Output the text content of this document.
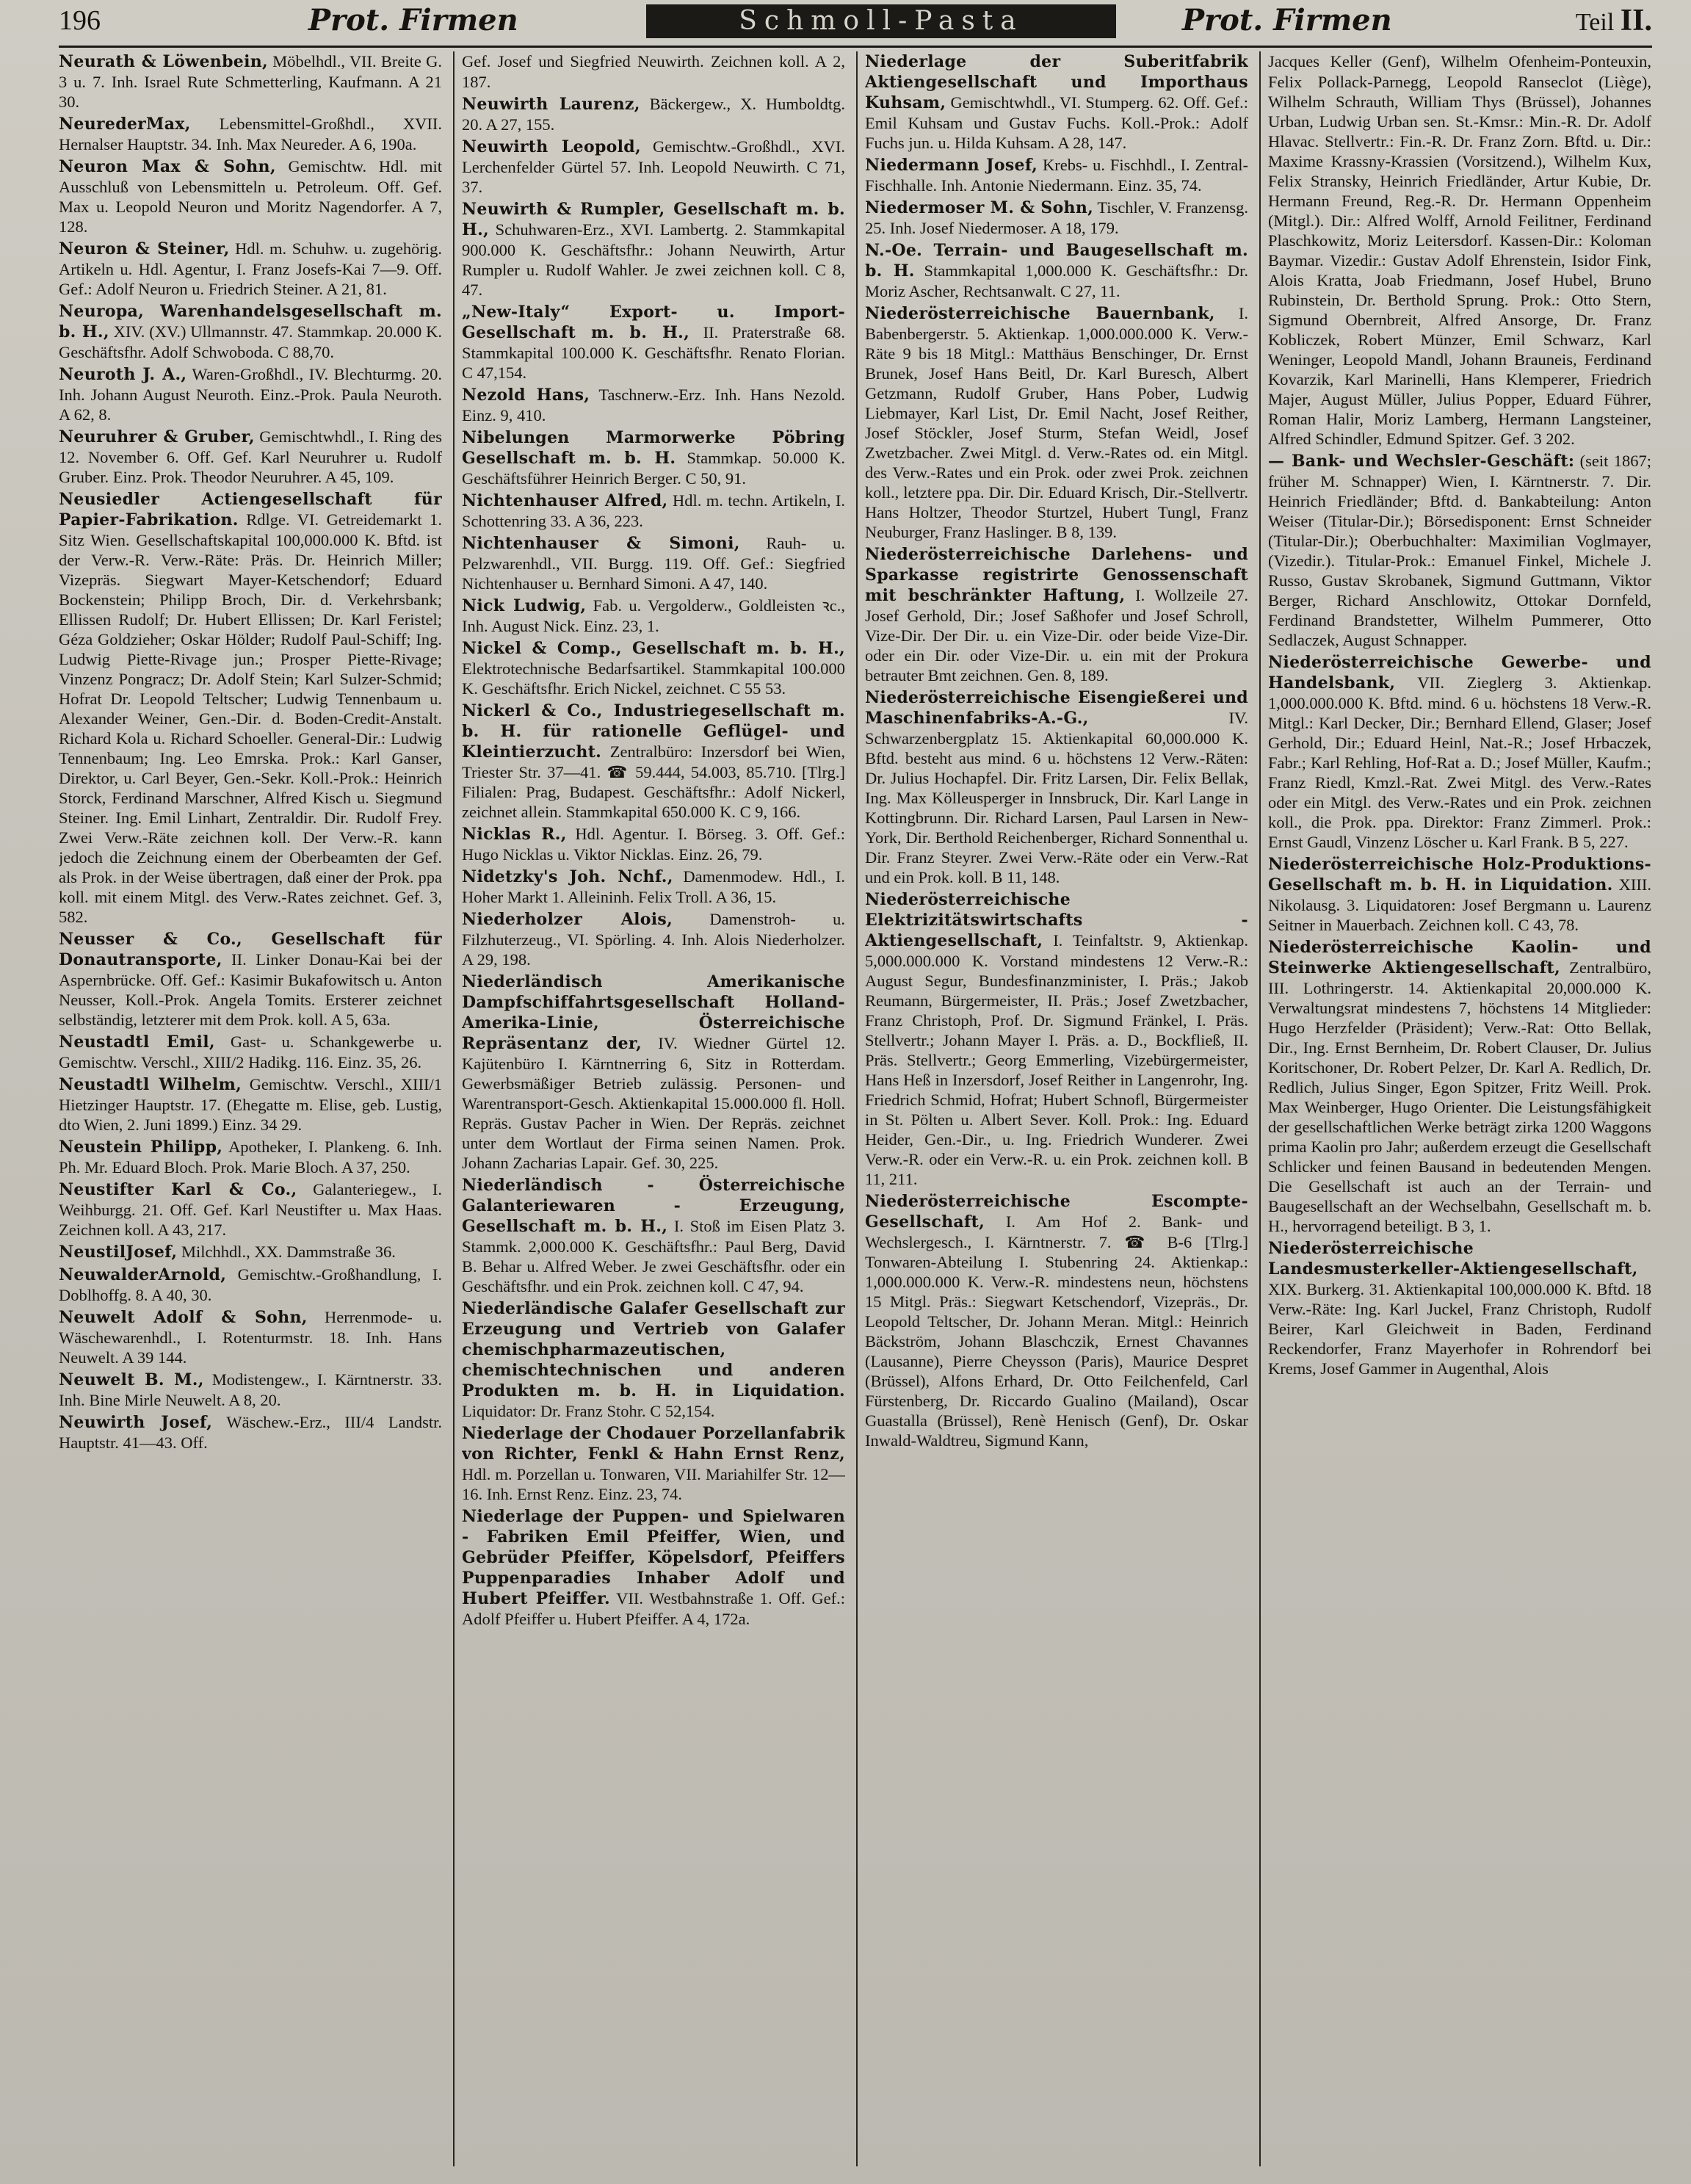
196	Prot. Firmen	Schmoll-Pasta	Prot. Firmen	Teil II.

Neurath & Löwenbein, Möbelhdl., VII. Breite G. 3 u. 7. Inh. Israel Rute Schmetterling, Kaufmann. A 21 30.

NeurederMax, Lebensmittel-Großhdl., XVII. Hernalser Hauptstr. 34. Inh. Max Neureder. A 6, 190a.

Neuron Max & Sohn, Gemischtw. Hdl. mit Ausschluß von Lebensmitteln u. Petroleum. Off. Gef. Max u. Leopold Neuron und Moritz Nagendorfer. A 7, 128.

Neuron & Steiner, Hdl. m. Schuhw. u. zugehörig. Artikeln u. Hdl. Agentur, I. Franz Josefs-Kai 7—9. Off. Gef.: Adolf Neuron u. Friedrich Steiner. A 21, 81.

Neuropa, Warenhandelsgesellschaft m. b. H., XIV. (XV.) Ullmannstr. 47. Stammkap. 20.000 K. Geschäftsfhr. Adolf Schwoboda. C 88,70.

Neuroth J. A., Waren-Großhdl., IV. Blechturmg. 20. Inh. Johann August Neuroth. Einz.-Prok. Paula Neuroth. A 62, 8.

Neuruhrer & Gruber, Gemischtwhdl., I. Ring des 12. November 6. Off. Gef. Karl Neuruhrer u. Rudolf Gruber. Einz. Prok. Theodor Neuruhrer. A 45, 109.

Neusiedler Actiengesellschaft für Papier-Fabrikation. Rdlge. VI. Getreidemarkt 1. Sitz Wien. Gesellschaftskapital 100,000.000 K. Bftd. ist der Verw.-R. Verw.-Räte: Präs. Dr. Heinrich Miller; Vizepräs. Siegwart Mayer-Ketschendorf; Eduard Bockenstein; Philipp Broch, Dir. d. Verkehrsbank; Ellissen Rudolf; Dr. Hubert Ellissen; Dr. Karl Feristel; Géza Goldzieher; Oskar Hölder; Rudolf Paul-Schiff; Ing. Ludwig Piette-Rivage jun.; Prosper Piette-Rivage; Vinzenz Pongracz; Dr. Adolf Stein; Karl Sulzer-Schmid; Hofrat Dr. Leopold Teltscher; Ludwig Tennenbaum u. Alexander Weiner, Gen.-Dir. d. Boden-Credit-Anstalt. Richard Kola u. Richard Schoeller. General-Dir.: Ludwig Tennenbaum; Ing. Leo Emrska. Prok.: Karl Ganser, Direktor, u. Carl Beyer, Gen.-Sekr. Koll.-Prok.: Heinrich Storck, Ferdinand Marschner, Alfred Kisch u. Siegmund Steiner. Ing. Emil Linhart, Zentraldir. Dir. Rudolf Frey. Zwei Verw.-Räte zeichnen koll. Der Verw.-R. kann jedoch die Zeichnung einem der Oberbeamten der Gef. als Prok. in der Weise übertragen, daß einer der Prok. ppa koll. mit einem Mitgl. des Verw.-Rates zeichnet. Gef. 3, 582.

Neusser & Co., Gesellschaft für Donautransporte, II. Linker Donau-Kai bei der Aspernbrücke. Off. Gef.: Kasimir Bukafowitsch u. Anton Neusser, Koll.-Prok. Angela Tomits. Ersterer zeichnet selbständig, letzterer mit dem Prok. koll. A 5, 63a.

Neustadtl Emil, Gast- u. Schankgewerbe u. Gemischtw. Verschl., XIII/2 Hadikg. 116. Einz. 35, 26.

Neustadtl Wilhelm, Gemischtw. Verschl., XIII/1 Hietzinger Hauptstr. 17. (Ehegatte m. Elise, geb. Lustig, dto Wien, 2. Juni 1899.) Einz. 34 29.

Neustein Philipp, Apotheker, I. Plankeng. 6. Inh. Ph. Mr. Eduard Bloch. Prok. Marie Bloch. A 37, 250.

Neustifter Karl & Co., Galanteriegew., I. Weihburgg. 21. Off. Gef. Karl Neustifter u. Max Haas. Zeichnen koll. A 43, 217.

NeustilJosef, Milchhdl., XX. Dammstraße 36.

NeuwalderArnold, Gemischtw.-Großhandlung, I. Doblhoffg. 8. A 40, 30.

Neuwelt Adolf & Sohn, Herrenmode- u. Wäschewarenhdl., I. Rotenturmstr. 18. Inh. Hans Neuwelt. A 39 144.

Neuwelt B. M., Modistengew., I. Kärntnerstr. 33. Inh. Bine Mirle Neuwelt. A 8, 20.

Neuwirth Josef, Wäschew.-Erz., III/4 Landstr. Hauptstr. 41—43. Off.

Gef. Josef und Siegfried Neuwirth. Zeichnen koll. A 2, 187.

Neuwirth Laurenz, Bäckergew., X. Humboldtg. 20. A 27, 155.

Neuwirth Leopold, Gemischtw.-Großhdl., XVI. Lerchenfelder Gürtel 57. Inh. Leopold Neuwirth. C 71, 37.

Neuwirth & Rumpler, Gesellschaft m. b. H., Schuhwaren-Erz., XVI. Lambertg. 2. Stammkapital 900.000 K. Geschäftsfhr.: Johann Neuwirth, Artur Rumpler u. Rudolf Wahler. Je zwei zeichnen koll. C 8, 47.

„New-Italy“ Export- u. Import-Gesellschaft m. b. H., II. Praterstraße 68. Stammkapital 100.000 K. Geschäftsfhr. Renato Florian. C 47,154.

Nezold Hans, Taschnerw.-Erz. Inh. Hans Nezold. Einz. 9, 410.

Nibelungen Marmorwerke Pöbring Gesellschaft m. b. H. Stammkap. 50.000 K. Geschäftsführer Heinrich Berger. C 50, 91.

Nichtenhauser Alfred, Hdl. m. techn. Artikeln, I. Schottenring 33. A 36, 223.

Nichtenhauser & Simoni, Rauh- u. Pelzwarenhdl., VII. Burgg. 119. Off. Gef.: Siegfried Nichtenhauser u. Bernhard Simoni. A 47, 140.

Nick Ludwig, Fab. u. Vergolderw., Goldleisten ꝛc., Inh. August Nick. Einz. 23, 1.

Nickel & Comp., Gesellschaft m. b. H., Elektrotechnische Bedarfsartikel. Stammkapital 100.000 K. Geschäftsfhr. Erich Nickel, zeichnet. C 55 53.

Nickerl & Co., Industriegesellschaft m. b. H. für rationelle Geflügel- und Kleintierzucht. Zentralbüro: Inzersdorf bei Wien, Triester Str. 37—41. ☎ 59.444, 54.003, 85.710. [Tlrg.] Filialen: Prag, Budapest. Geschäftsfhr.: Adolf Nickerl, zeichnet allein. Stammkapital 650.000 K. C 9, 166.

Nicklas R., Hdl. Agentur. I. Börseg. 3. Off. Gef.: Hugo Nicklas u. Viktor Nicklas. Einz. 26, 79.

Nidetzky's Joh. Nchf., Damenmodew. Hdl., I. Hoher Markt 1. Alleininh. Felix Troll. A 36, 15.

Niederholzer Alois, Damenstroh- u. Filzhuterzeug., VI. Spörling. 4. Inh. Alois Niederholzer. A 29, 198.

Niederländisch Amerikanische Dampfschiffahrtsgesellschaft Holland-Amerika-Linie, Österreichische Repräsentanz der, IV. Wiedner Gürtel 12. Kajütenbüro I. Kärntnerring 6, Sitz in Rotterdam. Gewerbsmäßiger Betrieb zulässig. Personen- und Warentransport-Gesch. Aktienkapital 15.000.000 fl. Holl. Repräs. Gustav Pacher in Wien. Der Repräs. zeichnet unter dem Wortlaut der Firma seinen Namen. Prok. Johann Zacharias Lapair. Gef. 30, 225.

Niederländisch - Österreichische Galanteriewaren - Erzeugung, Gesellschaft m. b. H., I. Stoß im Eisen Platz 3. Stammk. 2,000.000 K. Geschäftsfhr.: Paul Berg, David B. Behar u. Alfred Weber. Je zwei Geschäftsfhr. oder ein Geschäftsfhr. und ein Prok. zeichnen koll. C 47, 94.

Niederländische Galafer Gesellschaft zur Erzeugung und Vertrieb von Galafer chemischpharmazeutischen, chemischtechnischen und anderen Produkten m. b. H. in Liquidation. Liquidator: Dr. Franz Stohr. C 52,154.

Niederlage der Chodauer Porzellanfabrik von Richter, Fenkl & Hahn Ernst Renz, Hdl. m. Porzellan u. Tonwaren, VII. Mariahilfer Str. 12—16. Inh. Ernst Renz. Einz. 23, 74.

Niederlage der Puppen- und Spielwaren - Fabriken Emil Pfeiffer, Wien, und Gebrüder Pfeiffer, Köpelsdorf, Pfeiffers Puppenparadies Inhaber Adolf und Hubert Pfeiffer. VII. Westbahnstraße 1. Off. Gef.: Adolf Pfeiffer u. Hubert Pfeiffer. A 4, 172a.

Niederlage der Suberitfabrik Aktiengesellschaft und Importhaus Kuhsam, Gemischtwhdl., VI. Stumperg. 62. Off. Gef.: Emil Kuhsam und Gustav Fuchs. Koll.-Prok.: Adolf Fuchs jun. u. Hilda Kuhsam. A 28, 147.

Niedermann Josef, Krebs- u. Fischhdl., I. Zentral-Fischhalle. Inh. Antonie Niedermann. Einz. 35, 74.

Niedermoser M. & Sohn, Tischler, V. Franzensg. 25. Inh. Josef Niedermoser. A 18, 179.

N.-Oe. Terrain- und Baugesellschaft m. b. H. Stammkapital 1,000.000 K. Geschäftsfhr.: Dr. Moriz Ascher, Rechtsanwalt. C 27, 11.

Niederösterreichische Bauernbank, I. Babenbergerstr. 5. Aktienkap. 1,000.000.000 K. Verw.-Räte 9 bis 18 Mitgl.: Matthäus Benschinger, Dr. Ernst Brunek, Josef Hans Beitl, Dr. Karl Buresch, Albert Getzmann, Rudolf Gruber, Hans Pober, Ludwig Liebmayer, Karl List, Dr. Emil Nacht, Josef Reither, Josef Stöckler, Josef Sturm, Stefan Weidl, Josef Zwetzbacher. Zwei Mitgl. d. Verw.-Rates od. ein Mitgl. des Verw.-Rates und ein Prok. oder zwei Prok. zeichnen koll., letztere ppa. Dir. Dir. Eduard Krisch, Dir.-Stellvertr. Hans Holtzer, Theodor Sturtzel, Hubert Tungl, Franz Neuburger, Franz Haslinger. B 8, 139.

Niederösterreichische Darlehens- und Sparkasse registrirte Genossenschaft mit beschränkter Haftung, I. Wollzeile 27. Josef Gerhold, Dir.; Josef Saßhofer und Josef Schroll, Vize-Dir. Der Dir. u. ein Vize-Dir. oder beide Vize-Dir. oder ein Dir. oder Vize-Dir. u. ein mit der Prokura betrauter Bmt zeichnen. Gen. 8, 189.

Niederösterreichische Eisengießerei und Maschinenfabriks-A.-G.,	IV. Schwarzenbergplatz 15. Aktienkapital 60,000.000 K. Bftd. besteht aus mind. 6 u. höchstens 12 Verw.-Räten: Dr. Julius Hochapfel. Dir. Fritz Larsen, Dir. Felix Bellak, Ing. Max Kölleusperger in Innsbruck, Dir. Karl Lange in Kottingbrunn. Dir. Richard Larsen, Paul Larsen in New-York, Dir. Berthold Reichenberger, Richard Sonnenthal u. Dir. Franz Steyrer. Zwei Verw.-Räte oder ein Verw.-Rat und ein Prok. koll. B 11, 148.

Niederösterreichische Elektrizitätswirtschafts - Aktiengesellschaft, I. Teinfaltstr. 9, Aktienkap. 5,000.000.000 K. Vorstand mindestens 12 Verw.-R.: August Segur, Bundesfinanzminister, I. Präs.; Jakob Reumann, Bürgermeister, II. Präs.; Josef Zwetzbacher, Franz Christoph, Prof. Dr. Sigmund Fränkel, I. Präs. Stellvertr.; Johann Mayer I. Präs. a. D., Bockfließ, II. Präs. Stellvertr.; Georg Emmerling, Vizebürgermeister, Hans Heß in Inzersdorf, Josef Reither in Langenrohr, Ing. Friedrich Schmid, Hofrat; Hubert Schnofl, Bürgermeister in St. Pölten u. Albert Sever. Koll. Prok.: Ing. Eduard Heider, Gen.-Dir., u. Ing. Friedrich Wunderer. Zwei Verw.-R. oder ein Verw.-R. u. ein Prok. zeichnen koll. B 11, 211.

Niederösterreichische Escompte-Gesellschaft, I. Am Hof 2. Bank- und Wechslergesch., I. Kärntnerstr. 7. ☎ B-6 [Tlrg.] Tonwaren-Abteilung I. Stubenring 24. Aktienkap.: 1,000.000.000 K. Verw.-R. mindestens neun, höchstens 15 Mitgl. Präs.: Siegwart Ketschendorf, Vizepräs., Dr. Leopold Teltscher, Dr. Johann Meran. Mitgl.: Heinrich Bäckström, Johann Blaschczik, Ernest Chavannes (Lausanne), Pierre Cheysson (Paris), Maurice Despret (Brüssel), Alfons Erhard, Dr. Otto Feilchenfeld, Carl Fürstenberg, Dr. Riccardo Gualino (Mailand), Oscar Guastalla (Brüssel), Renè Henisch (Genf), Dr. Oskar Inwald-Waldtreu, Sigmund Kann,

Jacques Keller (Genf), Wilhelm Ofenheim-Ponteuxin, Felix Pollack-Parnegg, Leopold Ranseclot (Liège), Wilhelm Schrauth, William Thys (Brüssel), Johannes Urban, Ludwig Urban sen. St.-Kmsr.: Min.-R. Dr. Adolf Hlavac. Stellvertr.: Fin.-R. Dr. Franz Zorn. Bftd. u. Dir.: Maxime Krassny-Krassien (Vorsitzend.), Wilhelm Kux, Felix Stransky, Heinrich Friedländer, Artur Kubie, Dr. Hermann Freund, Reg.-R. Dr. Hermann Oppenheim (Mitgl.). Dir.: Alfred Wolff, Arnold Feilitner, Ferdinand Plaschkowitz, Moriz Leitersdorf. Kassen-Dir.: Koloman Baymar. Vizedir.: Gustav Adolf Ehrenstein, Isidor Fink, Alois Kratta, Joab Friedmann, Josef Hubel, Bruno Rubinstein, Dr. Berthold Sprung. Prok.: Otto Stern, Sigmund Obernbreit, Alfred Ansorge, Dr. Franz Kobliczek, Robert Münzer, Emil Schwarz, Karl Weninger, Leopold Mandl, Johann Brauneis, Ferdinand Kovarzik, Karl Marinelli, Hans Klemperer, Friedrich Majer, August Müller, Julius Popper, Eduard Führer, Roman Halir, Moriz Lamberg, Hermann Langsteiner, Alfred Schindler, Edmund Spitzer. Gef. 3 202.

— Bank- und Wechsler-Geschäft: (seit 1867; früher M. Schnapper) Wien, I. Kärntnerstr. 7. Dir. Heinrich Friedländer; Bftd. d. Bankabteilung: Anton Weiser (Titular-Dir.); Börsedisponent: Ernst Schneider (Titular-Dir.); Oberbuchhalter: Maximilian Voglmayer, (Vizedir.). Titular-Prok.: Emanuel Finkel, Michele J. Russo, Gustav Skrobanek, Sigmund Guttmann, Viktor Berger, Richard Anschlowitz, Ottokar Dornfeld, Ferdinand Brandstetter, Wilhelm Pummerer, Otto Sedlaczek, August Schnapper.

Niederösterreichische Gewerbe- und Handelsbank, VII. Zieglerg 3. Aktienkap. 1,000.000.000 K. Bftd. mind. 6 u. höchstens 18 Verw.-R. Mitgl.: Karl Decker, Dir.; Bernhard Ellend, Glaser; Josef Gerhold, Dir.; Eduard Heinl, Nat.-R.; Josef Hrbaczek, Fabr.; Karl Rehling, Hof-Rat a. D.; Josef Müller, Kaufm.; Franz Riedl, Kmzl.-Rat. Zwei Mitgl. des Verw.-Rates oder ein Mitgl. des Verw.-Rates und ein Prok. zeichnen koll., die Prok. ppa. Direktor: Franz Zimmerl. Prok.: Ernst Gaudl, Vinzenz Löscher u. Karl Frank. B 5, 227.

Niederösterreichische Holz-Produktions-Gesellschaft m. b. H. in Liquidation. XIII. Nikolausg. 3. Liquidatoren: Josef Bergmann u. Laurenz Seitner in Mauerbach. Zeichnen koll. C 43, 78.

Niederösterreichische Kaolin- und Steinwerke Aktiengesellschaft, Zentralbüro, III. Lothringerstr. 14. Aktienkapital 20,000.000 K. Verwaltungsrat mindestens 7, höchstens 14 Mitglieder: Hugo Herzfelder (Präsident); Verw.-Rat: Otto Bellak, Dir., Ing. Ernst Bernheim, Dr. Robert Clauser, Dr. Julius Koritschoner, Dr. Robert Pelzer, Dr. Karl A. Redlich, Dr. Redlich, Julius Singer, Egon Spitzer, Fritz Weill. Prok. Max Weinberger, Hugo Orienter. Die Leistungsfähigkeit der gesellschaftlichen Werke beträgt zirka 1200 Waggons prima Kaolin pro Jahr; außerdem erzeugt die Gesellschaft Schlicker und feinen Bausand in bedeutenden Mengen. Die Gesellschaft ist auch an der Terrain- und Baugesellschaft an der Wechselbahn, Gesellschaft m. b. H., hervorragend beteiligt. B 3, 1.

Niederösterreichische Landesmusterkeller-Aktiengesellschaft, XIX. Burkerg. 31. Aktienkapital 100,000.000 K. Bftd. 18 Verw.-Räte: Ing. Karl Juckel, Franz Christoph, Rudolf Beirer, Karl Gleichweit in Baden, Ferdinand Reckendorfer, Franz Mayerhofer in Rohrendorf bei Krems, Josef Gammer in Augenthal, Alois
